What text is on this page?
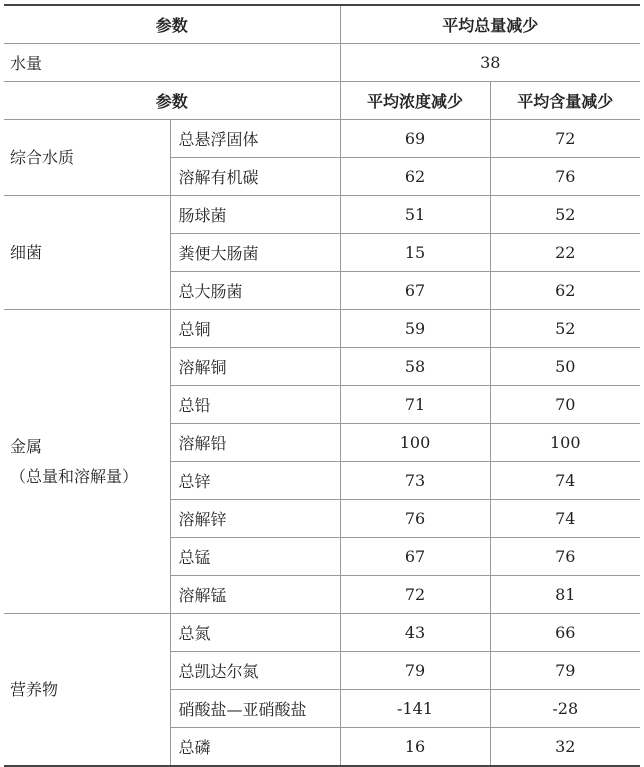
参数		平均总量减少	
水量		38	
参数		平均浓度减少	平均含量减少

综合水质	总悬浮固体	69	72
	溶解有机碳	62	76

细菌	肠球菌	51	52
	粪便大肠菌	15	22
	总大肠菌	67	62

金属
（总量和溶解量）	总铜	59	52
	溶解铜	58	50
	总铅	71	70
	溶解铅	100	100
	总锌	73	74
	溶解锌	76	74
	总锰	67	76
	溶解锰	72	81

营养物	总氮	43	66
	总凯达尔氮	79	79
	硝酸盐—亚硝酸盐	-141	-28
	总磷	16	32
